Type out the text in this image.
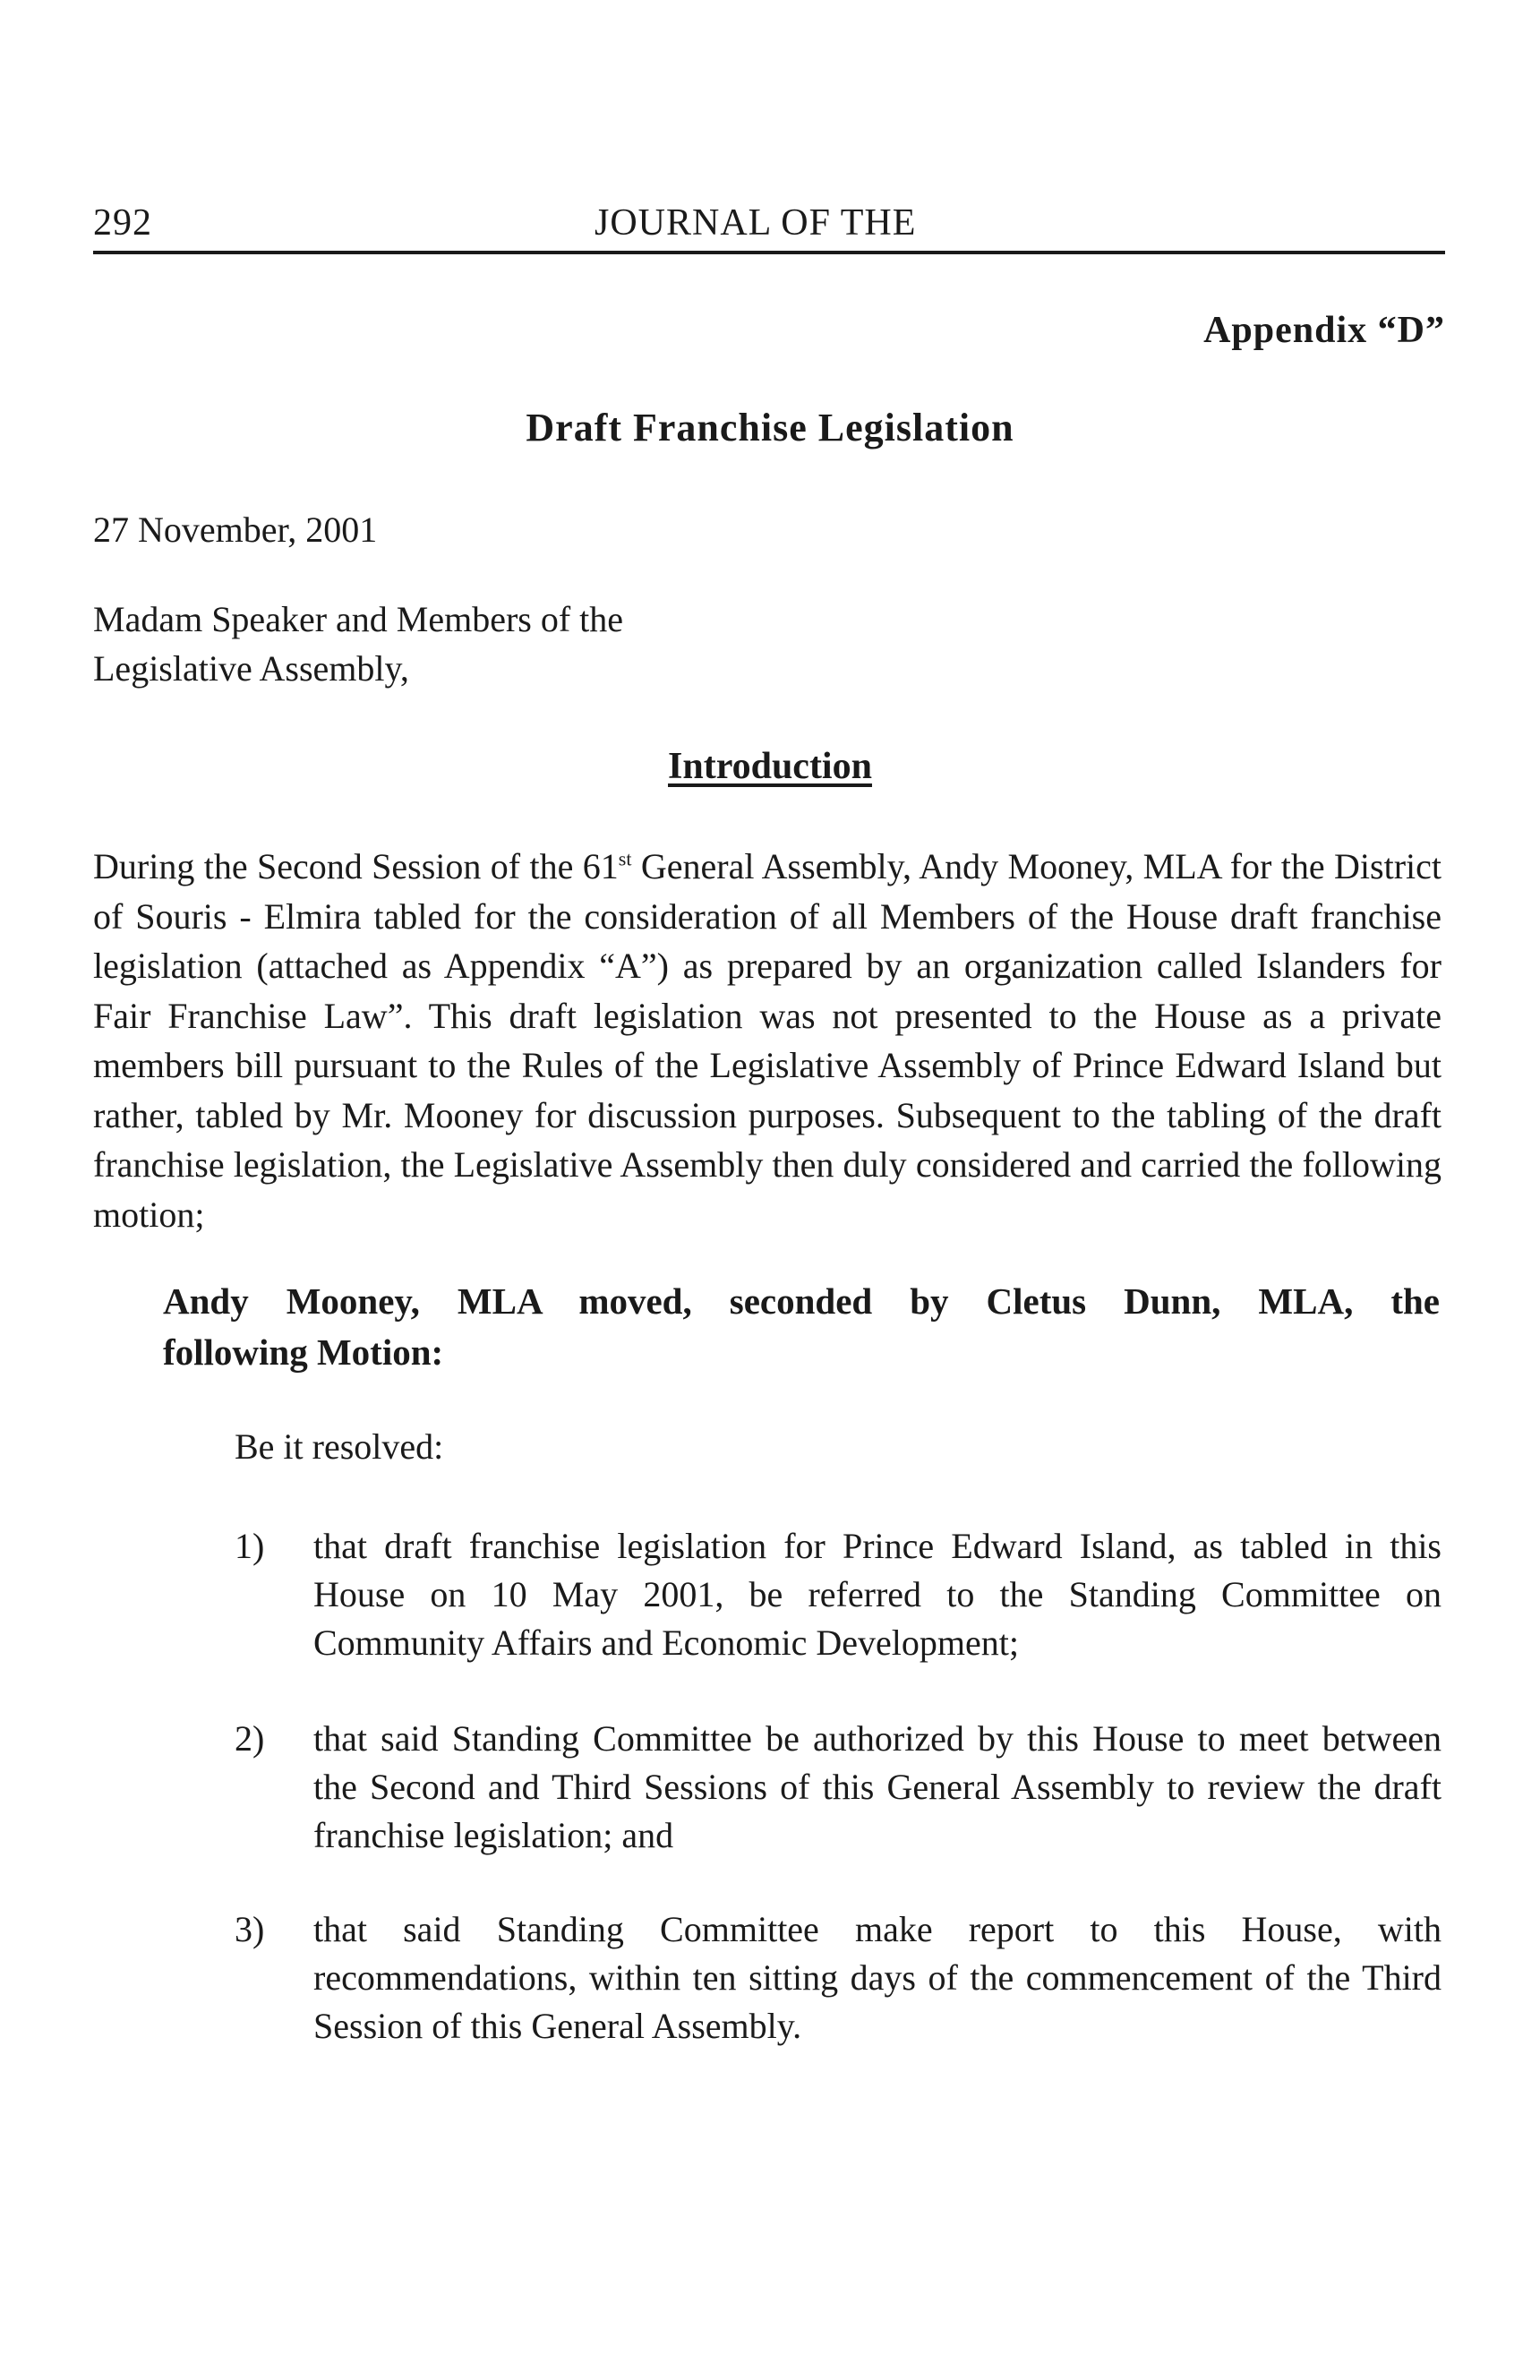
292	JOURNAL OF THE
Appendix “D”
Draft Franchise Legislation
27 November, 2001
Madam Speaker and Members of the
Legislative Assembly,
Introduction

During the Second Session of the 61st General Assembly, Andy Mooney, MLA for the District of Souris - Elmira tabled for the consideration of all Members of the House draft franchise legislation (attached as Appendix “A”) as prepared by an organization called Islanders for Fair Franchise Law”. This draft legislation was not presented to the House as a private members bill pursuant to the Rules of the Legislative Assembly of Prince Edward Island but rather, tabled by Mr. Mooney for discussion purposes. Subsequent to the tabling of the draft franchise legislation, the Legislative Assembly then duly considered and carried the following motion;

Andy Mooney, MLA moved, seconded by Cletus Dunn, MLA, the
following Motion:
Be it resolved:
1)	that draft franchise legislation for Prince Edward Island, as tabled in this House on 10 May 2001, be referred to the Standing Committee on Community Affairs and Economic Development;
2)	that said Standing Committee be authorized by this House to meet between the Second and Third Sessions of this General Assembly to review the draft franchise legislation; and
3)	that said Standing Committee make report to this House, with recommendations, within ten sitting days of the commencement of the Third Session of this General Assembly.
